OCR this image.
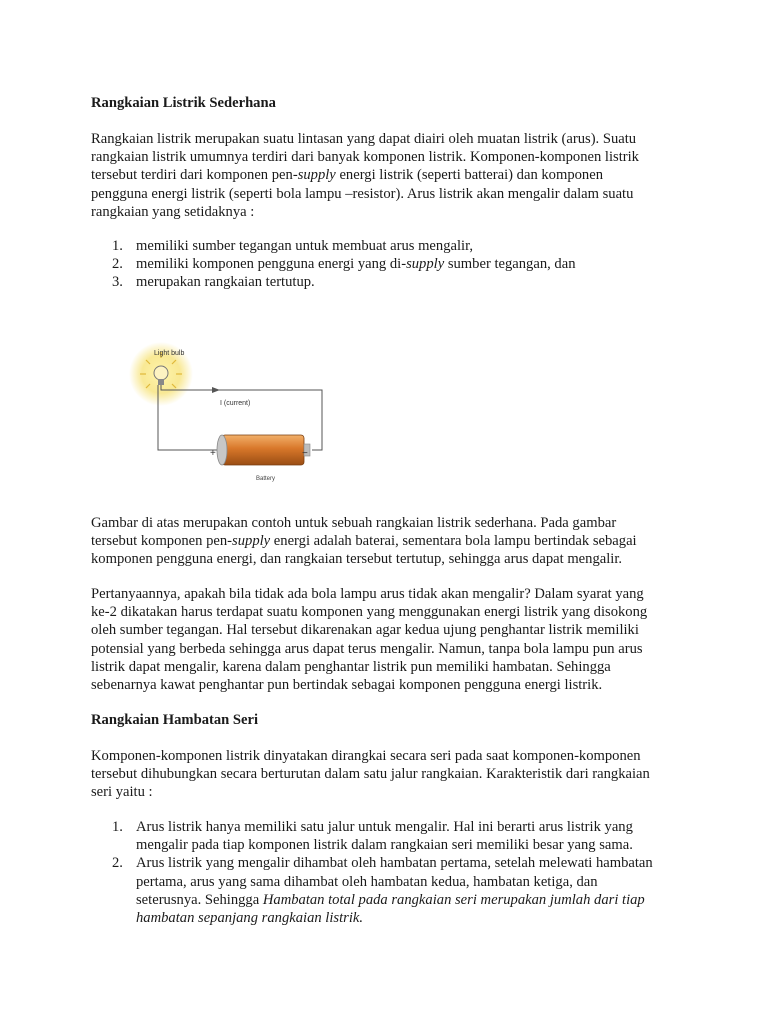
Rangkaian Listrik Sederhana

Rangkaian listrik merupakan suatu lintasan yang dapat diairi oleh muatan listrik (arus). Suatu
rangkaian listrik umumnya terdiri dari banyak komponen listrik. Komponen-komponen listrik
tersebut terdiri dari komponen pen-supply energi listrik (seperti batterai) dan komponen
pengguna energi listrik (seperti bola lampu –resistor). Arus listrik akan mengalir dalam suatu
rangkaian yang setidaknya :

1. memiliki sumber tegangan untuk membuat arus mengalir,
2. memiliki komponen pengguna energi yang di-supply sumber tegangan, dan
3. merupakan rangkaian tertutup.
Light bulb
I (current)
+	−
Battery

Gambar di atas merupakan contoh untuk sebuah rangkaian listrik sederhana. Pada gambar
tersebut komponen pen-supply energi adalah baterai, sementara bola lampu bertindak sebagai
komponen pengguna energi, dan rangkaian tersebut tertutup, sehingga arus dapat mengalir.

Pertanyaannya, apakah bila tidak ada bola lampu arus tidak akan mengalir? Dalam syarat yang
ke-2 dikatakan harus terdapat suatu komponen yang menggunakan energi listrik yang disokong
oleh sumber tegangan. Hal tersebut dikarenakan agar kedua ujung penghantar listrik memiliki
potensial yang berbeda sehingga arus dapat terus mengalir. Namun, tanpa bola lampu pun arus
listrik dapat mengalir, karena dalam penghantar listrik pun memiliki hambatan. Sehingga
sebenarnya kawat penghantar pun bertindak sebagai komponen pengguna energi listrik.

Rangkaian Hambatan Seri

Komponen-komponen listrik dinyatakan dirangkai secara seri pada saat komponen-komponen
tersebut dihubungkan secara berturutan dalam satu jalur rangkaian. Karakteristik dari rangkaian
seri yaitu :

1. Arus listrik hanya memiliki satu jalur untuk mengalir. Hal ini berarti arus listrik yang
mengalir pada tiap komponen listrik dalam rangkaian seri memiliki besar yang sama.
2. Arus listrik yang mengalir dihambat oleh hambatan pertama, setelah melewati hambatan
pertama, arus yang sama dihambat oleh hambatan kedua, hambatan ketiga, dan
seterusnya. Sehingga Hambatan total pada rangkaian seri merupakan jumlah dari tiap
hambatan sepanjang rangkaian listrik.
